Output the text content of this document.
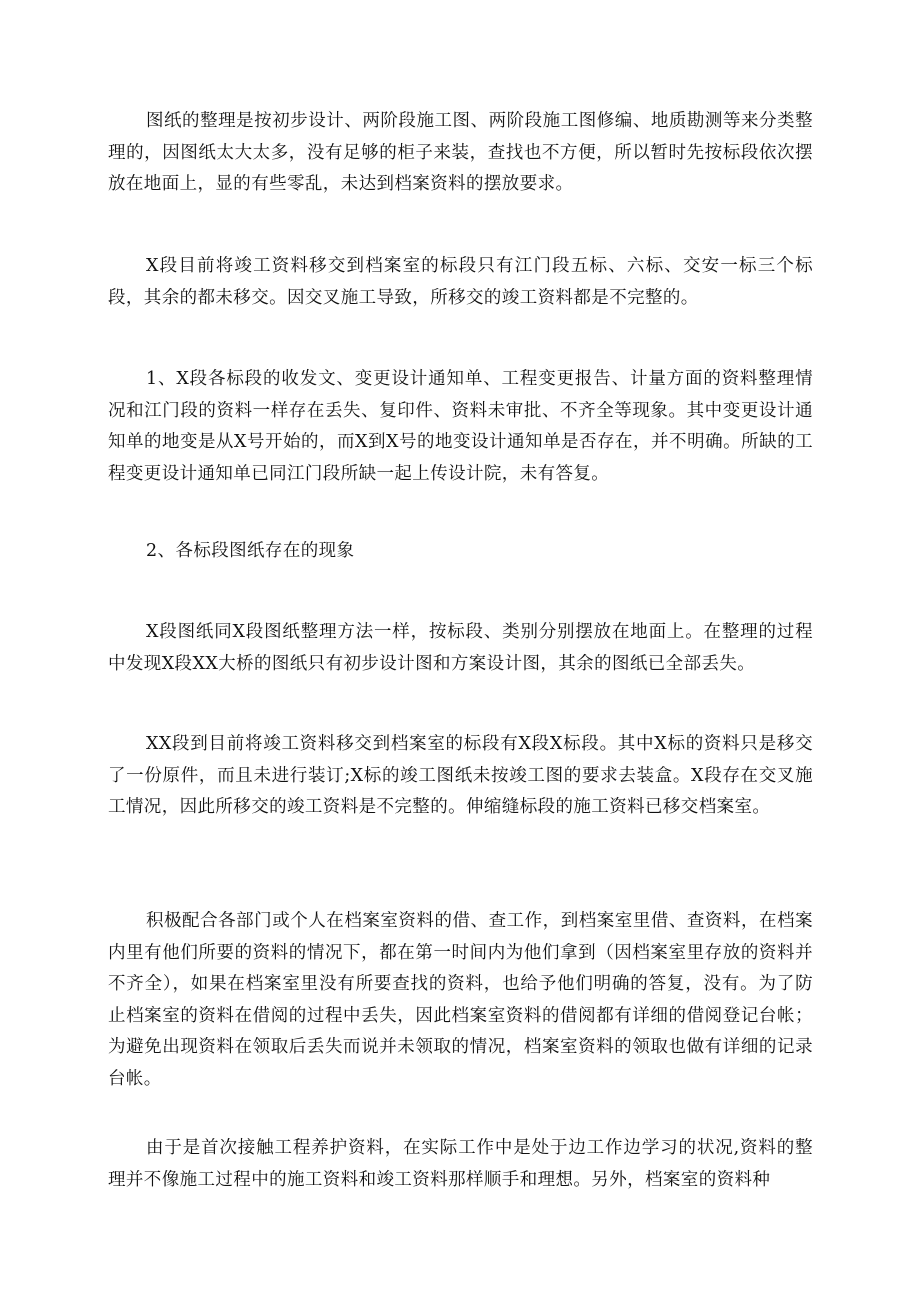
图纸的整理是按初步设计、两阶段施工图、两阶段施工图修编、地质勘测等来分类整理的，因图纸太大太多，没有足够的柜子来装，查找也不方便，所以暂时先按标段依次摆放在地面上，显的有些零乱，未达到档案资料的摆放要求。

X段目前将竣工资料移交到档案室的标段只有江门段五标、六标、交安一标三个标段，其余的都未移交。因交叉施工导致，所移交的竣工资料都是不完整的。

1、X段各标段的收发文、变更设计通知单、工程变更报告、计量方面的资料整理情况和江门段的资料一样存在丢失、复印件、资料未审批、不齐全等现象。其中变更设计通知单的地变是从X号开始的，而X到X号的地变设计通知单是否存在，并不明确。所缺的工程变更设计通知单已同江门段所缺一起上传设计院，未有答复。

2、各标段图纸存在的现象

X段图纸同X段图纸整理方法一样，按标段、类别分别摆放在地面上。在整理的过程中发现X段XX大桥的图纸只有初步设计图和方案设计图，其余的图纸已全部丢失。

XX段到目前将竣工资料移交到档案室的标段有X段X标段。其中X标的资料只是移交了一份原件，而且未进行装订;X标的竣工图纸未按竣工图的要求去装盒。X段存在交叉施工情况，因此所移交的竣工资料是不完整的。伸缩缝标段的施工资料已移交档案室。

积极配合各部门或个人在档案室资料的借、查工作，到档案室里借、查资料，在档案内里有他们所要的资料的情况下，都在第一时间内为他们拿到（因档案室里存放的资料并不齐全），如果在档案室里没有所要查找的资料，也给予他们明确的答复，没有。为了防止档案室的资料在借阅的过程中丢失，因此档案室资料的借阅都有详细的借阅登记台帐；为避免出现资料在领取后丢失而说并未领取的情况，档案室资料的领取也做有详细的记录台帐。

由于是首次接触工程养护资料，在实际工作中是处于边工作边学习的状况,资料的整理并不像施工过程中的施工资料和竣工资料那样顺手和理想。另外，档案室的资料种
